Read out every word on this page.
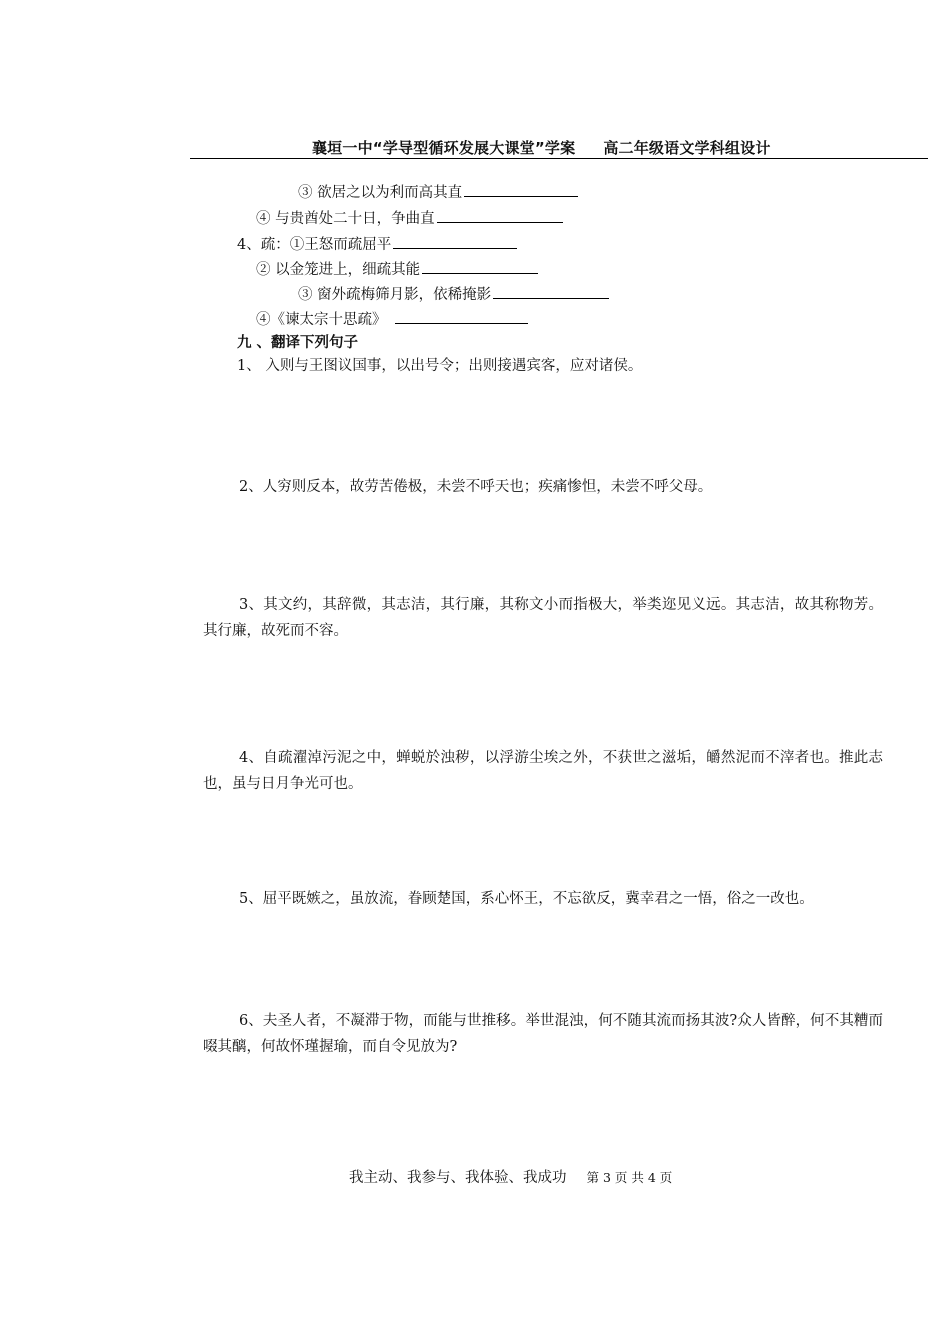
襄垣一中“学导型循环发展大课堂”学案 高二年级语文学科组设计
③ 欲居之以为利而高其直
④ 与贵酋处二十日，争曲直
4、疏：①王怒而疏屈平
② 以金笼进上，细疏其能
③ 窗外疏梅筛月影，依稀掩影
④《谏太宗十思疏》
九 、翻译下列句子
1、 入则与王图议国事，以出号令；出则接遇宾客，应对诸侯。
2、人穷则反本，故劳苦倦极，未尝不呼天也；疾痛惨怛，未尝不呼父母。
3、其文约，其辞微，其志洁，其行廉，其称文小而指极大，举类迩见义远。其志洁，故其称物芳。其行廉，故死而不容。
4、自疏濯淖污泥之中，蝉蜕於浊秽，以浮游尘埃之外，不获世之滋垢，皭然泥而不滓者也。推此志也，虽与日月争光可也。
5、屈平既嫉之，虽放流，眷顾楚国，系心怀王，不忘欲反，冀幸君之一悟，俗之一改也。
6、夫圣人者，不凝滞于物，而能与世推移。举世混浊，何不随其流而扬其波?众人皆醉，何不其糟而啜其醨，何故怀瑾握瑜，而自令见放为?
我主动、我参与、我体验、我成功 第 3 页 共 4 页
